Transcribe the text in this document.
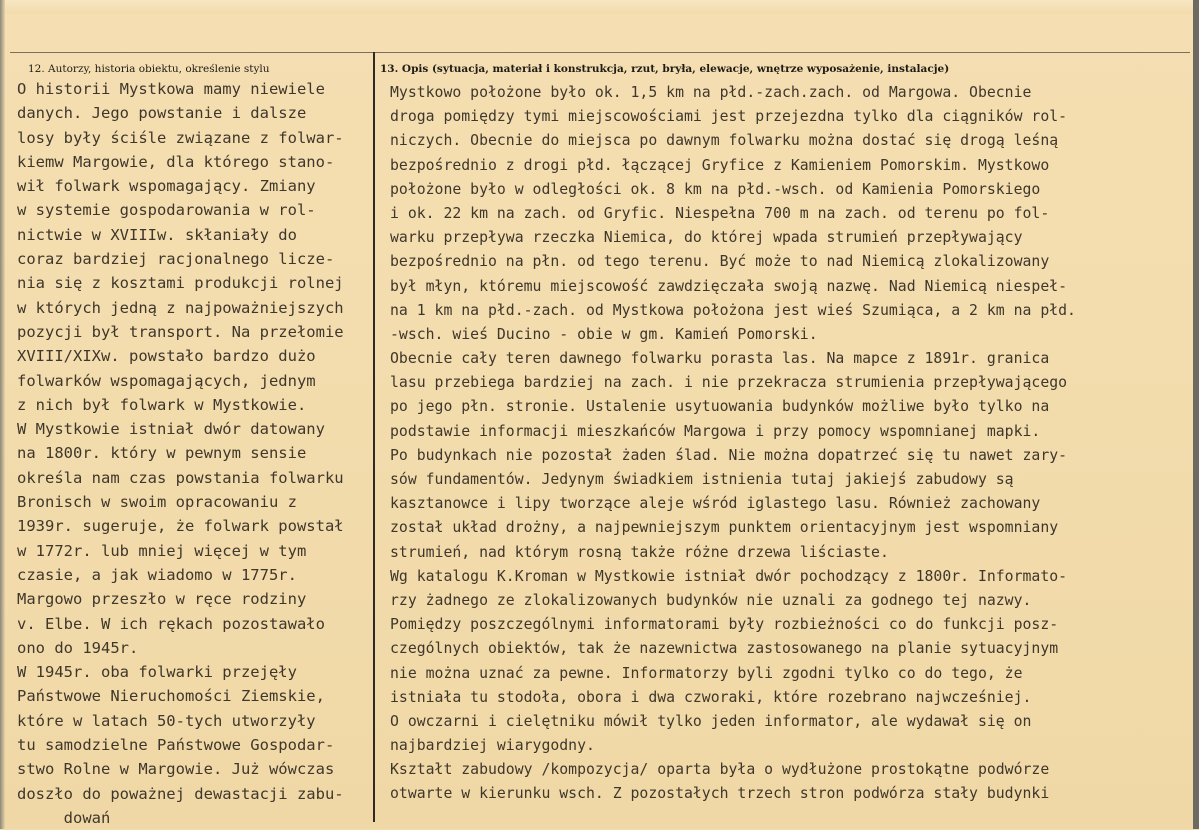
12. Autorzy, historia obiektu, określenie stylu	13. Opis (sytuacja, materiał i konstrukcja, rzut, bryła, elewacje, wnętrze wyposażenie, instalacje)
O historii Mystkowa mamy niewiele
danych. Jego powstanie i dalsze
losy były ściśle związane z folwar-
kiemw Margowie, dla którego stano-
wił folwark wspomagający. Zmiany
w systemie gospodarowania w rol-
nictwie w XVIIIw. skłaniały do
coraz bardziej racjonalnego licze-
nia się z kosztami produkcji rolnej
w których jedną z najpoważniejszych
pozycji był transport. Na przełomie
XVIII/XIXw. powstało bardzo dużo
folwarków wspomagających, jednym
z nich był folwark w Mystkowie.
W Mystkowie istniał dwór datowany
na 1800r. który w pewnym sensie
określa nam czas powstania folwarku
Bronisch w swoim opracowaniu z
1939r. sugeruje, że folwark powstał
w 1772r. lub mniej więcej w tym
czasie, a jak wiadomo w 1775r.
Margowo przeszło w ręce rodziny
v. Elbe. W ich rękach pozostawało
ono do 1945r.
W 1945r. oba folwarki przejęły
Państwowe Nieruchomości Ziemskie,
które w latach 50-tych utworzyły
tu samodzielne Państwowe Gospodar-
stwo Rolne w Margowie. Już wówczas
doszło do poważnej dewastacji zabu-
dowań
Mystkowo położone było ok. 1,5 km na płd.-zach.zach. od Margowa. Obecnie
droga pomiędzy tymi miejscowościami jest przejezdna tylko dla ciągników rol-
niczych. Obecnie do miejsca po dawnym folwarku można dostać się drogą leśną
bezpośrednio z drogi płd. łączącej Gryfice z Kamieniem Pomorskim. Mystkowo
położone było w odległości ok. 8 km na płd.-wsch. od Kamienia Pomorskiego
i ok. 22 km na zach. od Gryfic. Niespełna 700 m na zach. od terenu po fol-
warku przepływa rzeczka Niemica, do której wpada strumień przepływający
bezpośrednio na płn. od tego terenu. Być może to nad Niemicą zlokalizowany
był młyn, któremu miejscowość zawdzięczała swoją nazwę. Nad Niemicą niespeł-
na 1 km na płd.-zach. od Mystkowa położona jest wieś Szumiąca, a 2 km na płd.
-wsch. wieś Ducino - obie w gm. Kamień Pomorski.
Obecnie cały teren dawnego folwarku porasta las. Na mapce z 1891r. granica
lasu przebiega bardziej na zach. i nie przekracza strumienia przepływającego
po jego płn. stronie. Ustalenie usytuowania budynków możliwe było tylko na
podstawie informacji mieszkańców Margowa i przy pomocy wspomnianej mapki.
Po budynkach nie pozostał żaden ślad. Nie można dopatrzeć się tu nawet zary-
sów fundamentów. Jedynym świadkiem istnienia tutaj jakiejś zabudowy są
kasztanowce i lipy tworzące aleje wśród iglastego lasu. Również zachowany
został układ drożny, a najpewniejszym punktem orientacyjnym jest wspomniany
strumień, nad którym rosną także różne drzewa liściaste.
Wg katalogu K.Kroman w Mystkowie istniał dwór pochodzący z 1800r. Informato-
rzy żadnego ze zlokalizowanych budynków nie uznali za godnego tej nazwy.
Pomiędzy poszczególnymi informatorami były rozbieżności co do funkcji posz-
czególnych obiektów, tak że nazewnictwa zastosowanego na planie sytuacyjnym
nie można uznać za pewne. Informatorzy byli zgodni tylko co do tego, że
istniała tu stodoła, obora i dwa czworaki, które rozebrano najwcześniej.
O owczarni i cielętniku mówił tylko jeden informator, ale wydawał się on
najbardziej wiarygodny.
Kształt zabudowy /kompozycja/ oparta była o wydłużone prostokątne podwórze
otwarte w kierunku wsch. Z pozostałych trzech stron podwórza stały budynki
